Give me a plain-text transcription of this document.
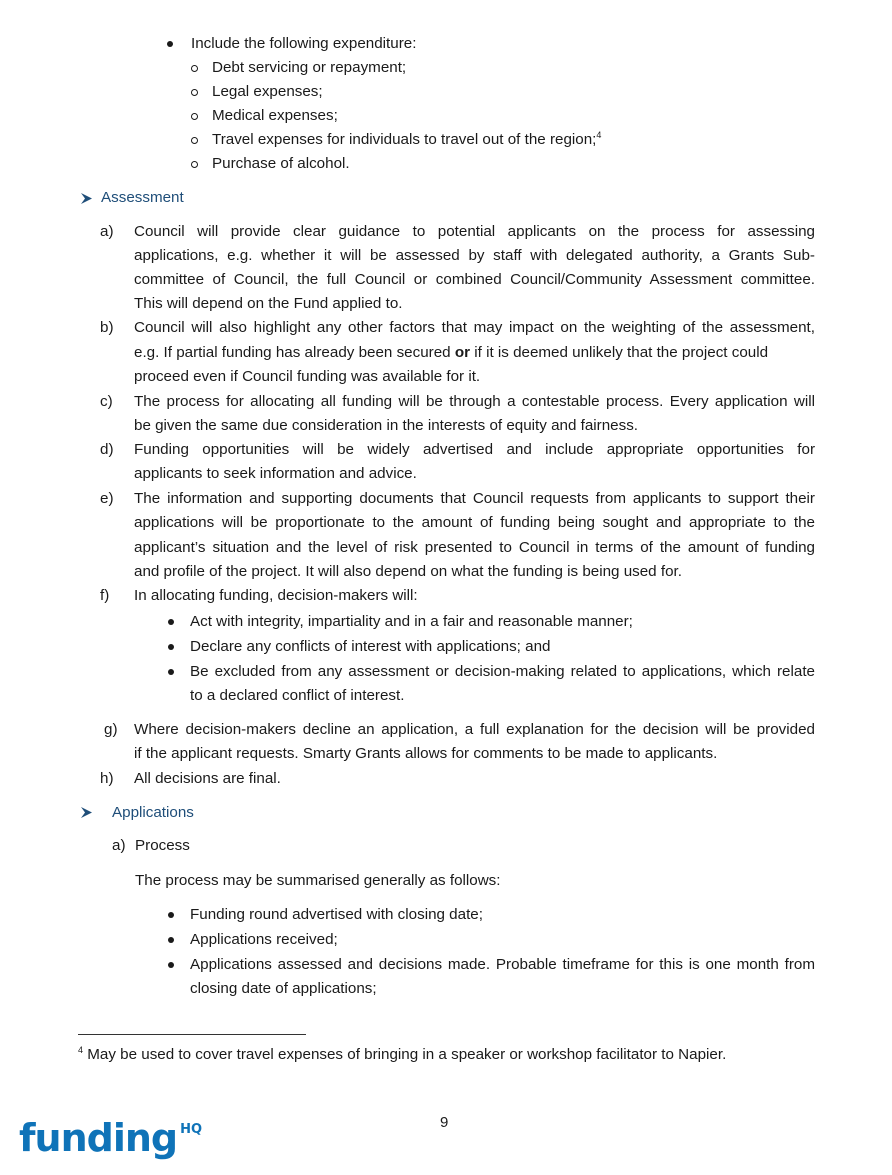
Include the following expenditure:
Debt servicing or repayment;
Legal expenses;
Medical expenses;
Travel expenses for individuals to travel out of the region;$^4$
Purchase of alcohol.
Assessment
a) Council will provide clear guidance to potential applicants on the process for assessing
applications, e.g. whether it will be assessed by staff with delegated authority, a Grants Sub-
committee of Council, the full Council or combined Council/Community Assessment committee.
This will depend on the Fund applied to.
b) Council will also highlight any other factors that may impact on the weighting of the assessment,
e.g. If partial funding has already been secured or if it is deemed unlikely that the project could
proceed even if Council funding was available for it.
c) The process for allocating all funding will be through a contestable process. Every application will
be given the same due consideration in the interests of equity and fairness.
d) Funding opportunities will be widely advertised and include appropriate opportunities for
applicants to seek information and advice.
e) The information and supporting documents that Council requests from applicants to support their
applications will be proportionate to the amount of funding being sought and appropriate to the
applicant’s situation and the level of risk presented to Council in terms of the amount of funding
and profile of the project. It will also depend on what the funding is being used for.
f) In allocating funding, decision-makers will:
Act with integrity, impartiality and in a fair and reasonable manner;
Declare any conflicts of interest with applications; and
Be excluded from any assessment or decision-making related to applications, which relate
to a declared conflict of interest.
g) Where decision-makers decline an application, a full explanation for the decision will be provided
if the applicant requests. Smarty Grants allows for comments to be made to applicants.
h) All decisions are final.
Applications
a) Process
The process may be summarised generally as follows:
Funding round advertised with closing date;
Applications received;
Applications assessed and decisions made. Probable timeframe for this is one month from
closing date of applications;
$^4$ May be used to cover travel expenses of bringing in a speaker or workshop facilitator to Napier.
funding $^{HQ}$	9
